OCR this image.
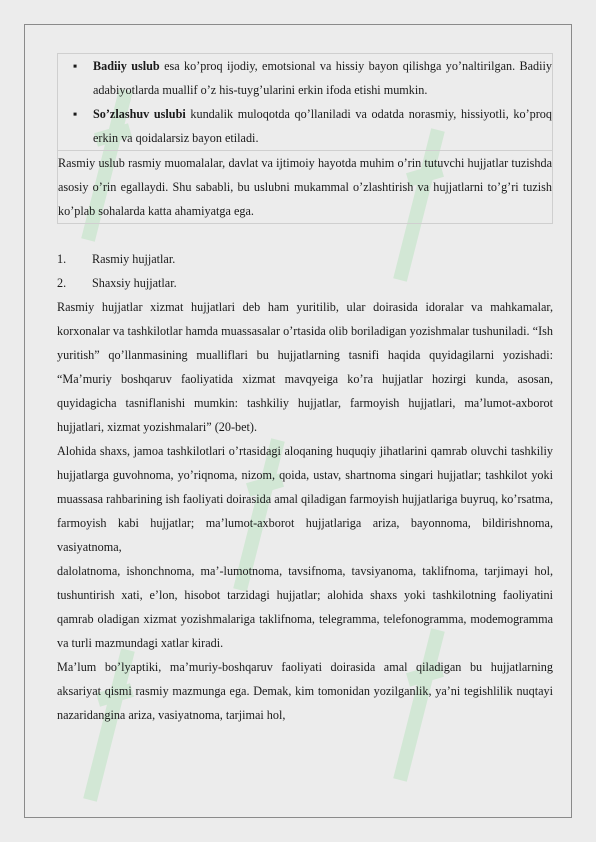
▪ Badiiy uslub esa ko’proq ijodiy, emotsional va hissiy bayon qilishga yo’naltirilgan. Badiiy adabiyotlarda muallif o’z his-tuyg’ularini erkin ifoda etishi mumkin.
▪ So’zlashuv uslubi kundalik muloqotda qo’llaniladi va odatda norasmiy, hissiyotli, ko’proq erkin va qoidalarsiz bayon etiladi.

Rasmiy uslub rasmiy muomalalar, davlat va ijtimoiy hayotda muhim o’rin tutuvchi hujjatlar tuzishda asosiy o’rin egallaydi. Shu sababli, bu uslubni mukammal o’zlashtirish va hujjatlarni to’g’ri tuzish ko’plab sohalarda katta ahamiyatga ega.

1. Rasmiy hujjatlar.
2. Shaxsiy hujjatlar.

Rasmiy hujjatlar xizmat hujjatlari deb ham yuritilib, ular doirasida idoralar va mahkamalar, korxonalar va tashkilotlar hamda muassasalar o’rtasida olib boriladigan yozishmalar tushuniladi. “Ish yuritish” qo’llanmasining mualliflari bu hujjatlarning tasnifi haqida quyidagilarni yozishadi: “Ma’muriy boshqaruv faoliyatida xizmat mavqyeiga ko’ra hujjatlar hozirgi kunda, asosan, quyidagicha tasniflanishi mumkin: tashkiliy hujjatlar, farmoyish hujjatlari, ma’lumot-axborot hujjatlari, xizmat yozishmalari” (20-bet).

Alohida shaxs, jamoa tashkilotlari o’rtasidagi aloqaning huquqiy jihatlarini qamrab oluvchi tashkiliy hujjatlarga guvohnoma, yo’riqnoma, nizom, qoida, ustav, shartnoma singari hujjatlar; tashkilot yoki muassasa rahbarining ish faoliyati doirasida amal qiladigan farmoyish hujjatlariga buyruq, ko’rsatma, farmoyish kabi hujjatlar; ma’lumot-axborot hujjatlariga ariza, bayonnoma, bildirishnoma, vasiyatnoma,

dalolatnoma, ishonchnoma, ma’-lumotnoma, tavsifnoma, tavsiyanoma, taklifnoma, tarjimayi hol, tushuntirish xati, e’lon, hisobot tarzidagi hujjatlar; alohida shaxs yoki tashkilotning faoliyatini qamrab oladigan xizmat yozishmalariga taklifnoma, telegramma, telefonogramma, modemogramma va turli mazmundagi xatlar kiradi.

Ma’lum bo’lyaptiki, ma’muriy-boshqaruv faoliyati doirasida amal qiladigan bu hujjatlarning aksariyat qismi rasmiy mazmunga ega. Demak, kim tomonidan yozilganlik, ya’ni tegishlilik nuqtayi nazaridangina ariza, vasiyatnoma, tarjimai hol,
